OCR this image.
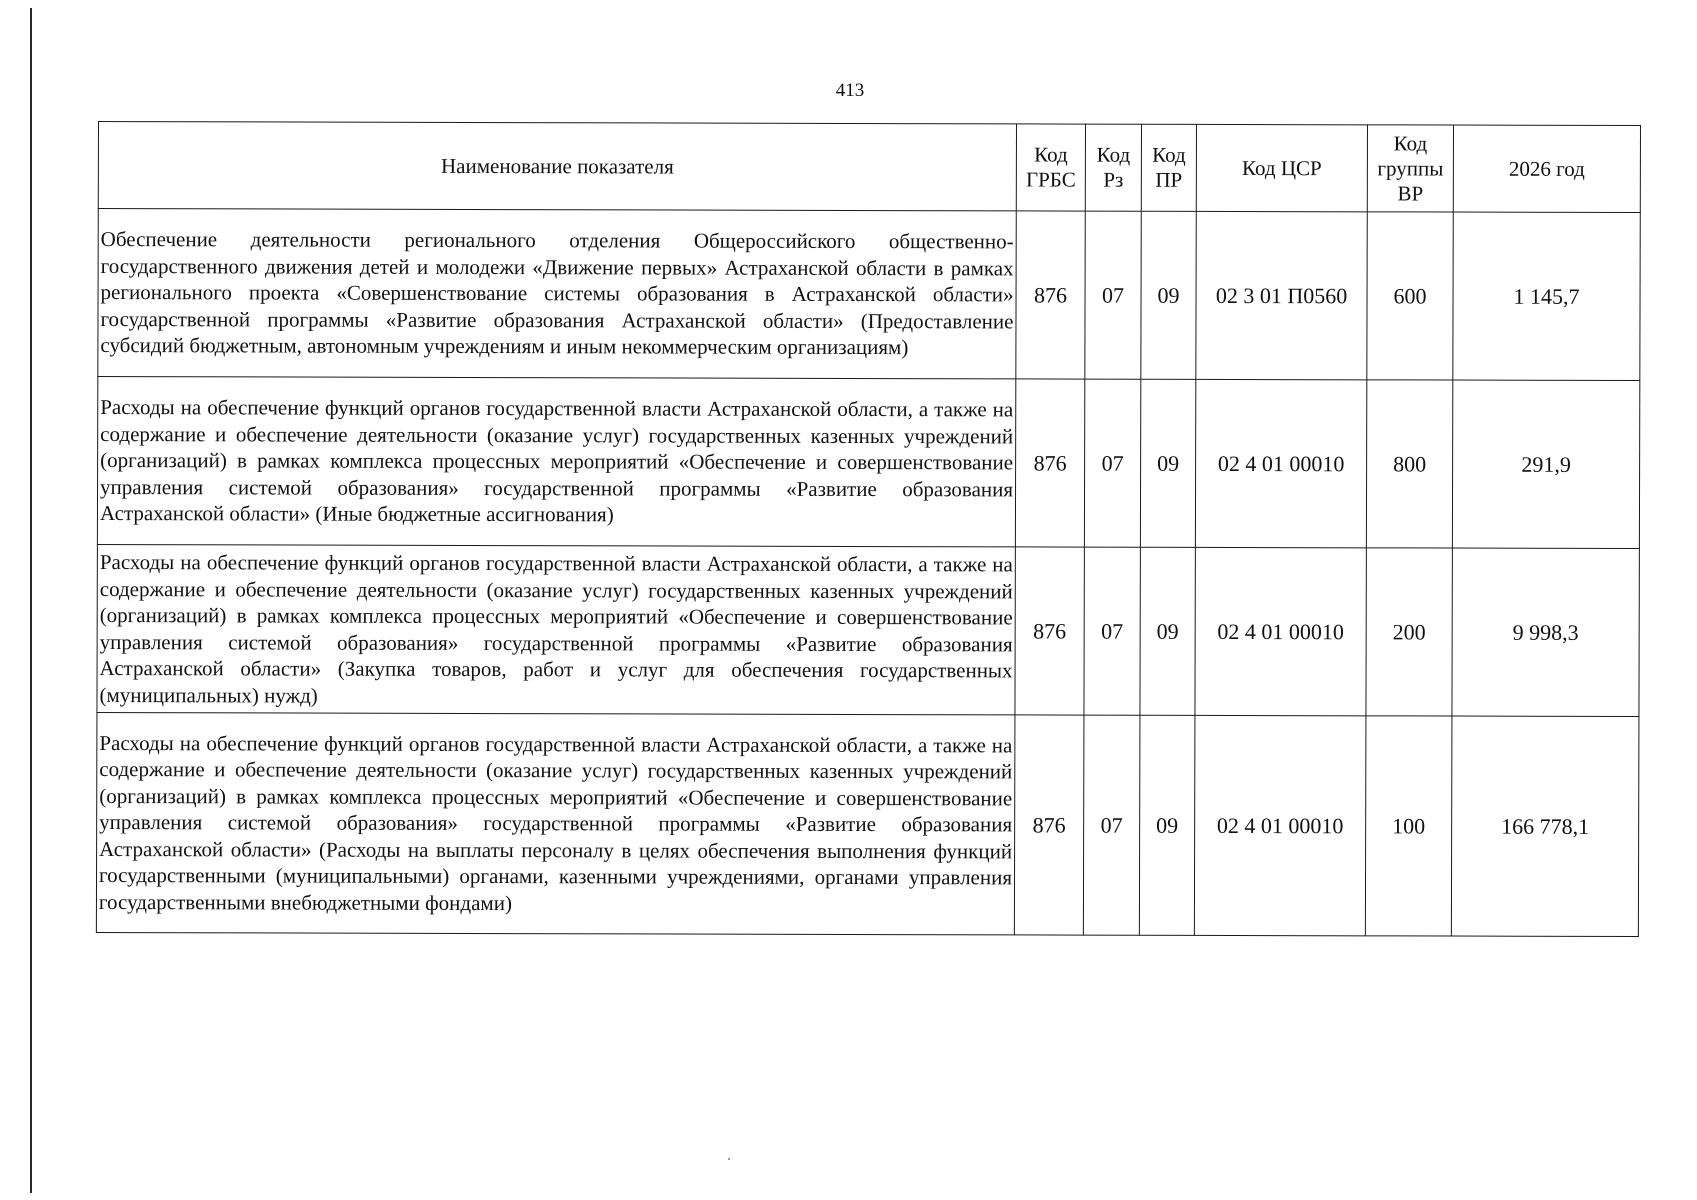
413
Наименование показателя	Код ГРБС	Код Рз	Код ПР	Код ЦСР	Код группы ВР	2026 год
Обеспечение деятельности регионального отделения Общероссийского общественно-государственного движения детей и молодежи «Движение первых» Астраханской области в рамках регионального проекта «Совершенствование системы образования в Астраханской области» государственной программы «Развитие образования Астраханской области» (Предоставление субсидий бюджетным, автономным учреждениям и иным некоммерческим организациям)	876	07	09	02 3 01 П0560	600	1 145,7
Расходы на обеспечение функций органов государственной власти Астраханской области, а также на содержание и обеспечение деятельности (оказание услуг) государственных казенных учреждений (организаций) в рамках комплекса процессных мероприятий «Обеспечение и совершенствование управления системой образования» государственной программы «Развитие образования Астраханской области» (Иные бюджетные ассигнования)	876	07	09	02 4 01 00010	800	291,9
Расходы на обеспечение функций органов государственной власти Астраханской области, а также на содержание и обеспечение деятельности (оказание услуг) государственных казенных учреждений (организаций) в рамках комплекса процессных мероприятий «Обеспечение и совершенствование управления системой образования» государственной программы «Развитие образования Астраханской области» (Закупка товаров, работ и услуг для обеспечения государственных (муниципальных) нужд)	876	07	09	02 4 01 00010	200	9 998,3
Расходы на обеспечение функций органов государственной власти Астраханской области, а также на содержание и обеспечение деятельности (оказание услуг) государственных казенных учреждений (организаций) в рамках комплекса процессных мероприятий «Обеспечение и совершенствование управления системой образования» государственной программы «Развитие образования Астраханской области» (Расходы на выплаты персоналу в целях обеспечения выполнения функций государственными (муниципальными) органами, казенными учреждениями, органами управления государственными внебюджетными фондами)	876	07	09	02 4 01 00010	100	166 778,1
